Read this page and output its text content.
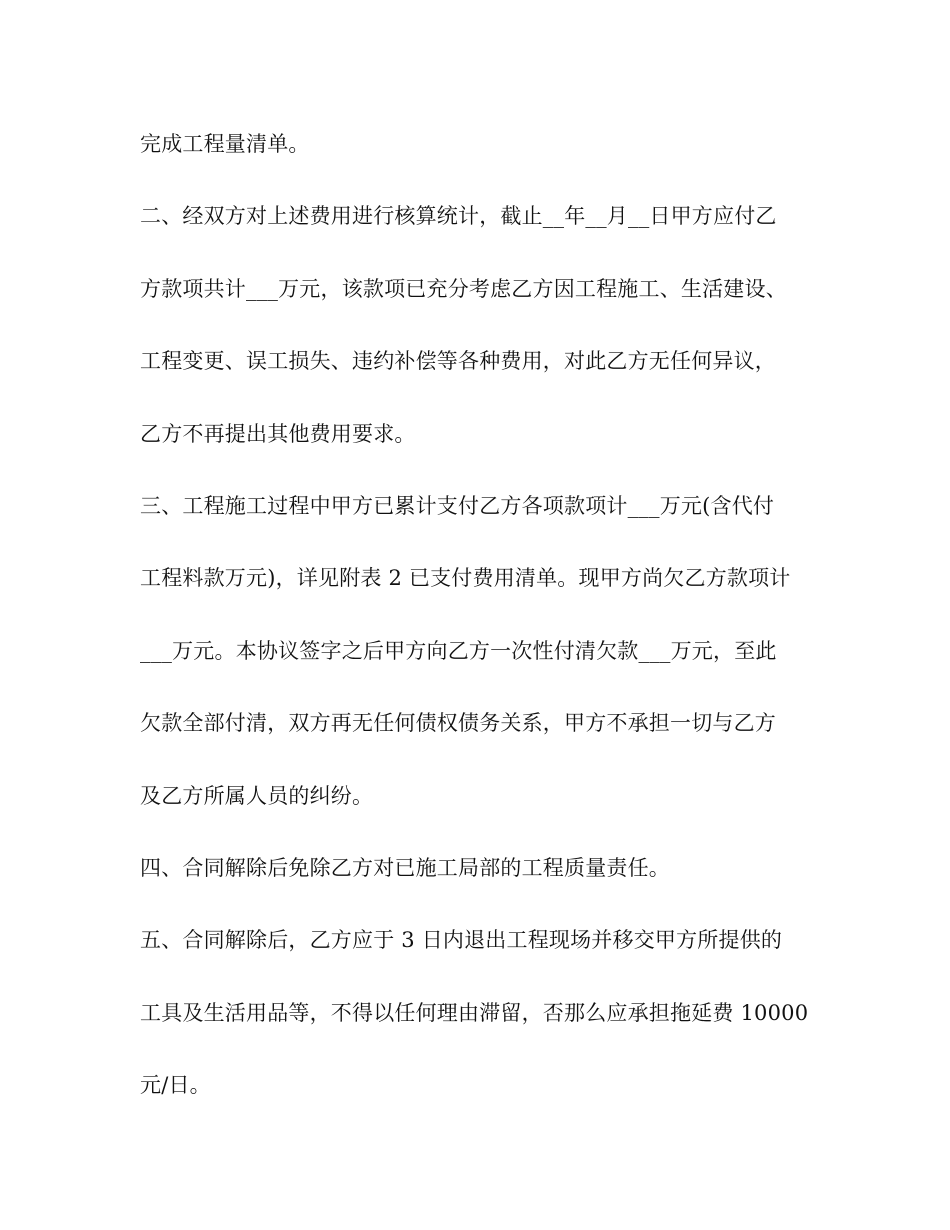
完成工程量清单。

二、经双方对上述费用进行核算统计，截止__年__月__日甲方应付乙

方款项共计___万元，该款项已充分考虑乙方因工程施工、生活建设、

工程变更、误工损失、违约补偿等各种费用，对此乙方无任何异议，

乙方不再提出其他费用要求。

三、工程施工过程中甲方已累计支付乙方各项款项计___万元(含代付

工程料款万元)，详见附表 2 已支付费用清单。现甲方尚欠乙方款项计

___万元。本协议签字之后甲方向乙方一次性付清欠款___万元，至此

欠款全部付清，双方再无任何债权债务关系，甲方不承担一切与乙方

及乙方所属人员的纠纷。

四、合同解除后免除乙方对已施工局部的工程质量责任。

五、合同解除后，乙方应于 3 日内退出工程现场并移交甲方所提供的

工具及生活用品等，不得以任何理由滞留，否那么应承担拖延费 10000

元/日。
